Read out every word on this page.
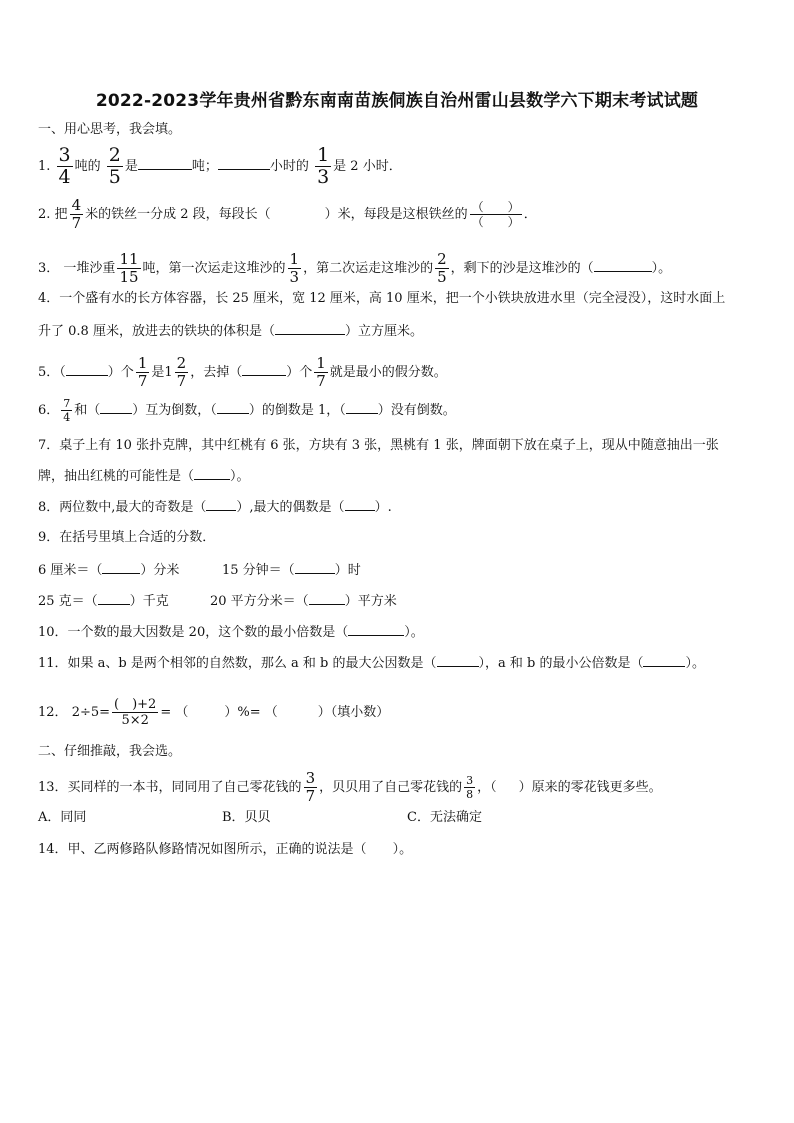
2022-2023学年贵州省黔东南南苗族侗族自治州雷山县数学六下期末考试试题
一、用心思考，我会填。
1. $\frac{3}{4}$ 吨的 $\frac{2}{5}$ 是	吨；	小时的 $\frac{1}{3}$ 是 2 小时．
2. 把 $\frac{4}{7}$ 米的铁丝一分成 2 段，每段长（	）米，每段是这根铁丝的 $\frac{( )}{( )}$ ．
3． 一堆沙重 $\frac{11}{15}$ 吨，第一次运走这堆沙的 $\frac{1}{3}$ ，第二次运走这堆沙的 $\frac{2}{5}$ ，剩下的沙是这堆沙的（	）。
4．一个盛有水的长方体容器，长 25 厘米，宽 12 厘米，高 10 厘米，把一个小铁块放进水里（完全浸没），这时水面上
升了 0.8 厘米，放进去的铁块的体积是（	）立方厘米。
5．（	）个 $\frac{1}{7}$ 是 $1 \frac{2}{7}$ ，去掉（	）个 $\frac{1}{7}$ 就是最小的假分数。
6． $\frac{7}{4}$ 和（ ）互为倒数，（ ）的倒数是 1，（ ）没有倒数。
7．桌子上有 10 张扑克牌，其中红桃有 6 张，方块有 3 张，黑桃有 1 张，牌面朝下放在桌子上，现从中随意抽出一张
牌，抽出红桃的可能性是（	）。
8．两位数中,最大的奇数是（ ）,最大的偶数是（ ）.
9．在括号里填上合适的分数．
6 厘米＝（	）分米	15 分钟＝（	）时
25 克＝（ ）千克	20 平方分米＝（	）平方米
10．一个数的最大因数是 20，这个数的最小倍数是（	）。
11．如果 a、b 是两个相邻的自然数，那么 a 和 b 的最大公因数是（	），a 和 b 的最小公倍数是（	）。
12． $2\div 5= \frac{( )+2}{5\times 2}$ = （	）%= （	）（填小数）
二、仔细推敲，我会选。
13．买同样的一本书，同同用了自己零花钱的 $\frac{3}{7}$ ，贝贝用了自己零花钱的 $\frac{3}{8}$ ，（ ）原来的零花钱更多些。
A．同同	B．贝贝	C．无法确定
14．甲、乙两修路队修路情况如图所示，正确的说法是（ ）。
